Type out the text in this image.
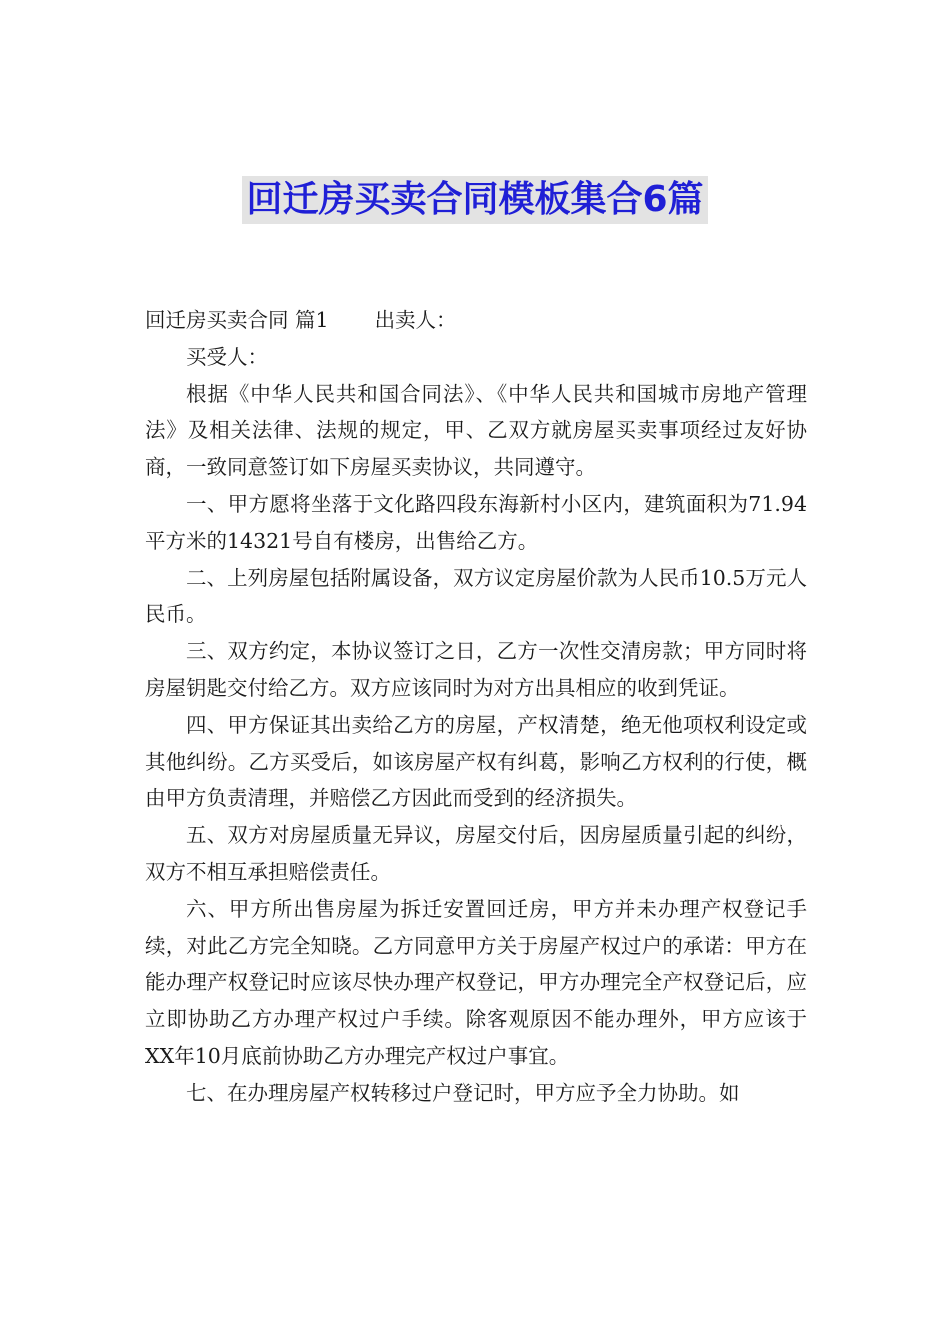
回迁房买卖合同模板集合6篇

回迁房买卖合同 篇1 出卖人：

买受人：

根据《中华人民共和国合同法》、《中华人民共和国城市房地产管理法》及相关法律、法规的规定，甲、乙双方就房屋买卖事项经过友好协商，一致同意签订如下房屋买卖协议，共同遵守。

一、甲方愿将坐落于文化路四段东海新村小区内，建筑面积为71.94平方米的14321号自有楼房，出售给乙方。

二、上列房屋包括附属设备，双方议定房屋价款为人民币10.5万元人民币。

三、双方约定，本协议签订之日，乙方一次性交清房款；甲方同时将房屋钥匙交付给乙方。双方应该同时为对方出具相应的收到凭证。

四、甲方保证其出卖给乙方的房屋，产权清楚，绝无他项权利设定或其他纠纷。乙方买受后，如该房屋产权有纠葛，影响乙方权利的行使，概由甲方负责清理，并赔偿乙方因此而受到的经济损失。

五、双方对房屋质量无异议，房屋交付后，因房屋质量引起的纠纷，双方不相互承担赔偿责任。

六、甲方所出售房屋为拆迁安置回迁房，甲方并未办理产权登记手续，对此乙方完全知晓。乙方同意甲方关于房屋产权过户的承诺：甲方在能办理产权登记时应该尽快办理产权登记，甲方办理完全产权登记后，应立即协助乙方办理产权过户手续。除客观原因不能办理外，甲方应该于XX年10月底前协助乙方办理完产权过户事宜。

七、在办理房屋产权转移过户登记时，甲方应予全力协助。如
